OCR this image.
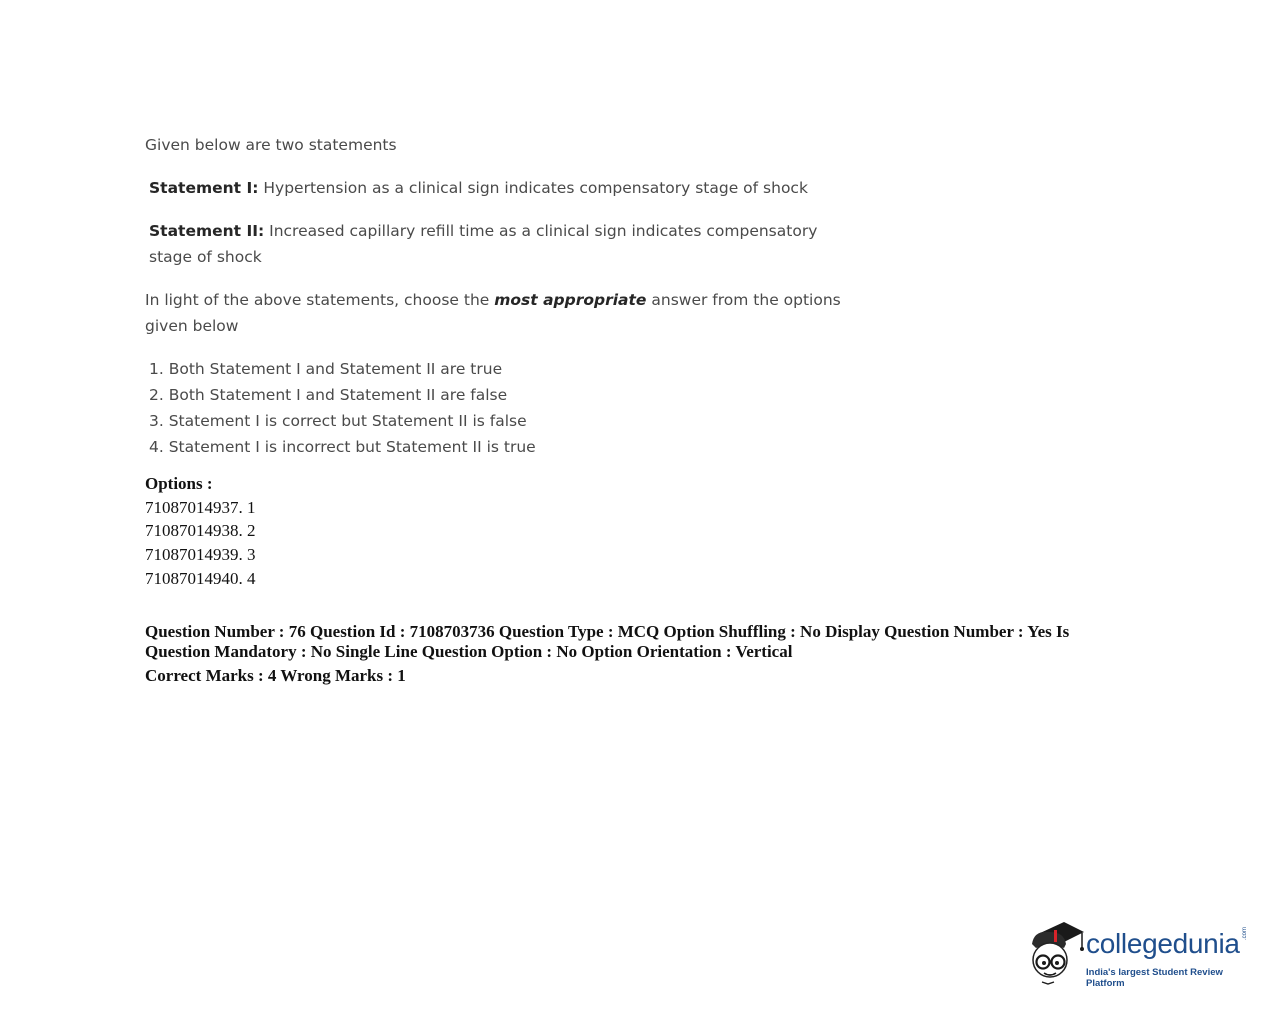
Given below are two statements

Statement I: Hypertension as a clinical sign indicates compensatory stage of shock

Statement II: Increased capillary refill time as a clinical sign indicates compensatory stage of shock

In light of the above statements, choose the most appropriate answer from the options given below

1. Both Statement I and Statement II are true
2. Both Statement I and Statement II are false
3. Statement I is correct but Statement II is false
4. Statement I is incorrect but Statement II is true
Options :
71087014937. 1
71087014938. 2
71087014939. 3
71087014940. 4
Question Number : 76 Question Id : 7108703736 Question Type : MCQ Option Shuffling : No Display Question Number : Yes Is Question Mandatory : No Single Line Question Option : No Option Orientation : Vertical
Correct Marks : 4 Wrong Marks : 1
collegedunia .com
India's largest Student Review Platform
